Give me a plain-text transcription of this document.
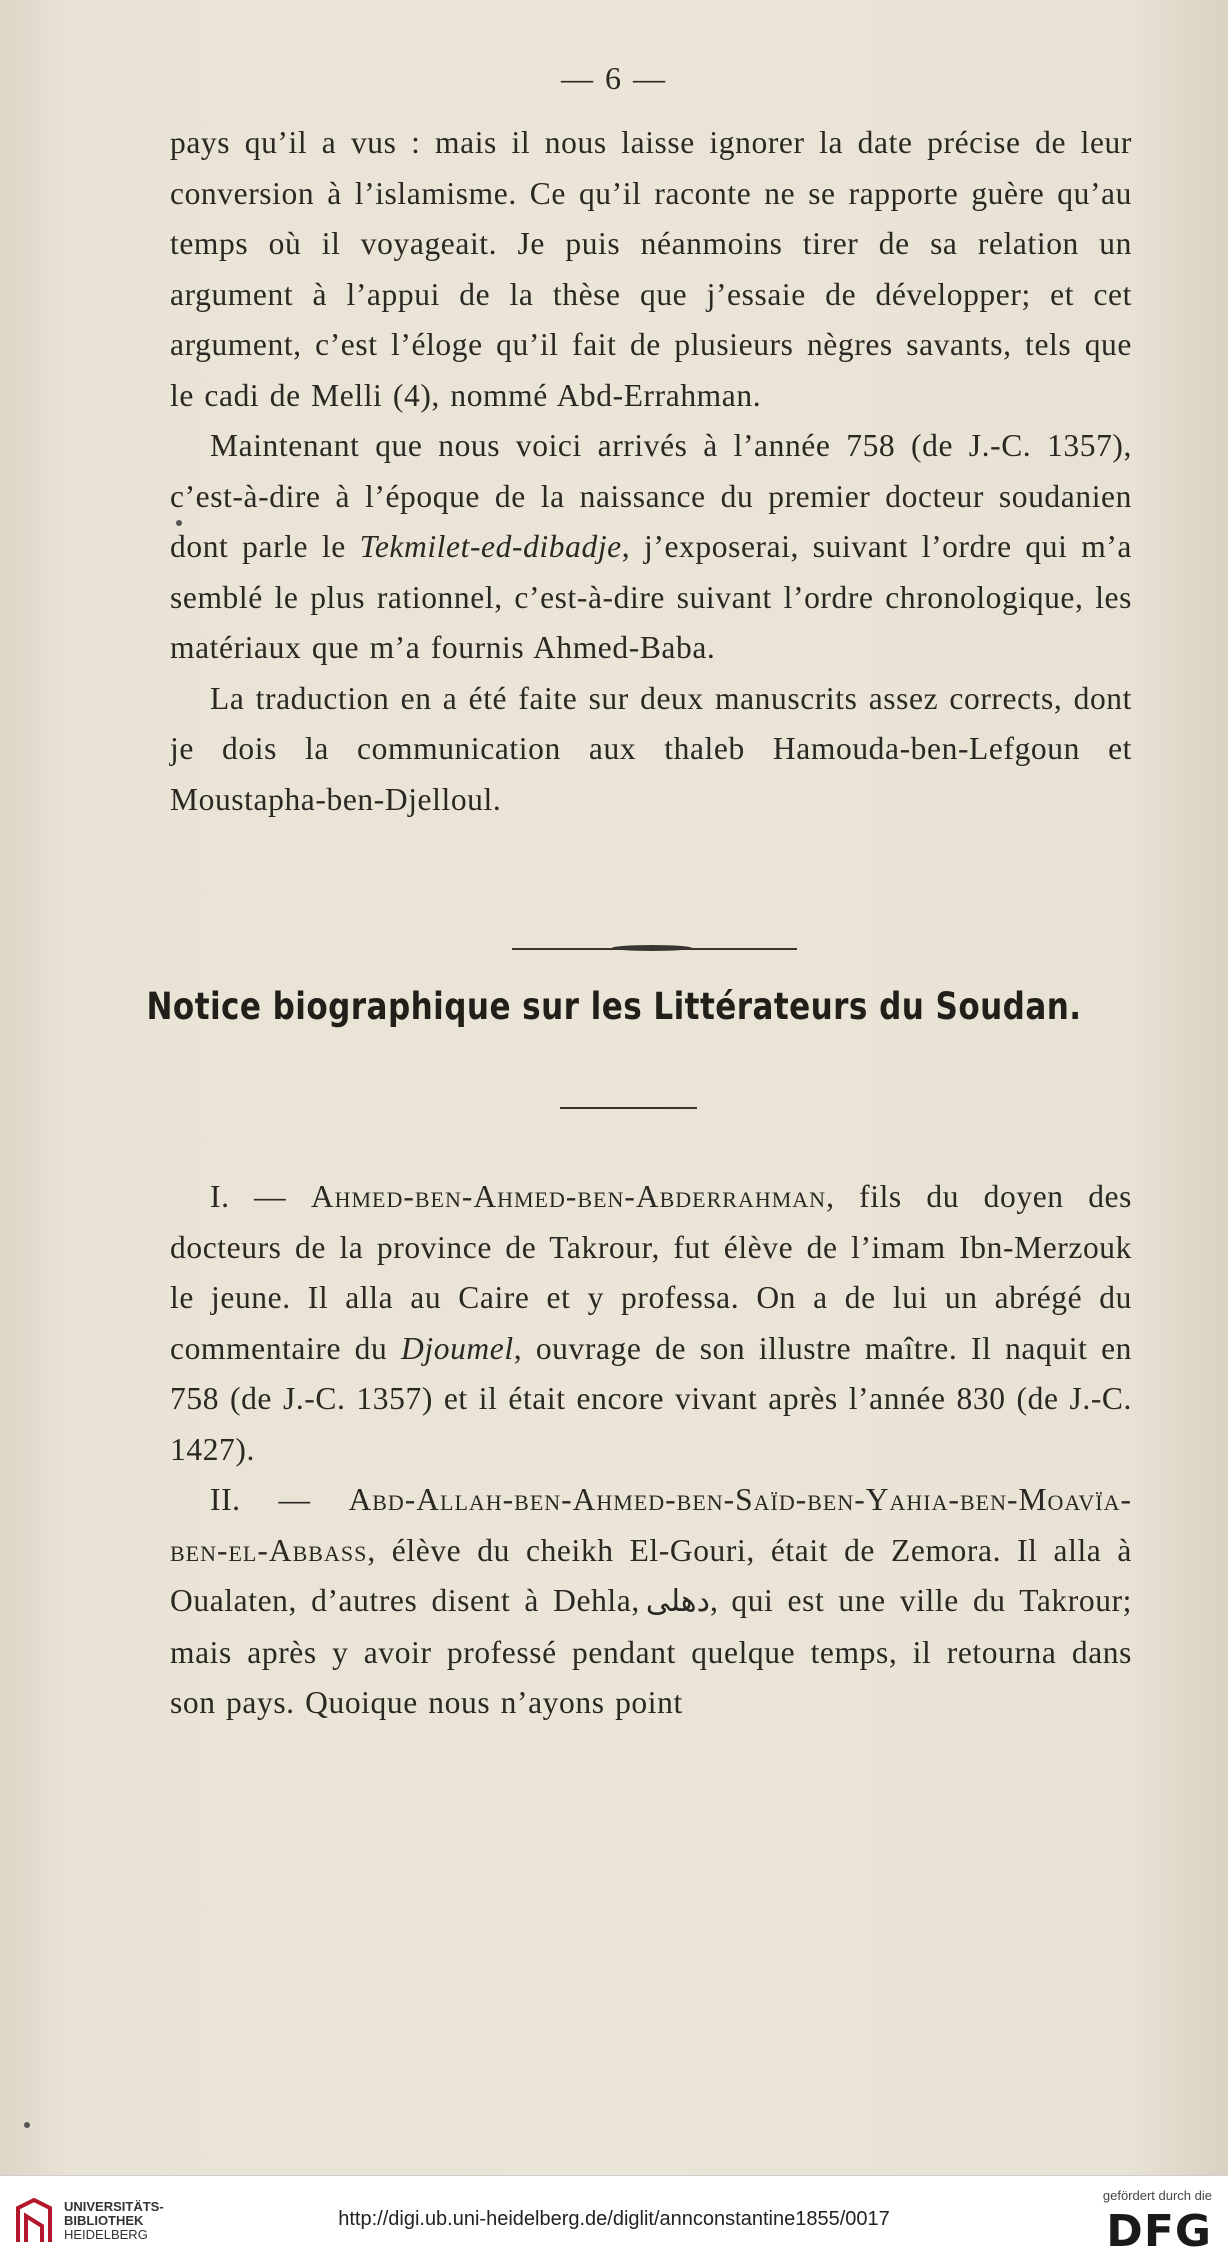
— 6 —

pays qu’il a vus : mais il nous laisse ignorer la date précise de leur conversion à l’islamisme. Ce qu’il raconte ne se rapporte guère qu’au temps où il voyageait. Je puis néanmoins tirer de sa relation un argument à l’appui de la thèse que j’essaie de développer; et cet argument, c’est l’éloge qu’il fait de plusieurs nègres savants, tels que le cadi de Melli (4), nommé Abd-Errahman.

Maintenant que nous voici arrivés à l’année 758 (de J.-C. 1357), c’est-à-dire à l’époque de la naissance du premier docteur soudanien dont parle le Tekmilet-ed-dibadje, j’exposerai, suivant l’ordre qui m’a semblé le plus rationnel, c’est-à-dire suivant l’ordre chronologique, les matériaux que m’a fournis Ahmed-Baba.

La traduction en a été faite sur deux manuscrits assez corrects, dont je dois la communication aux thaleb Hamouda-ben-Lefgoun et Moustapha-ben-Djelloul.

Notice biographique sur les Littérateurs du Soudan.

I. — Ahmed-ben-Ahmed-ben-Abderrahman, fils du doyen des docteurs de la province de Takrour, fut élève de l’imam Ibn-Merzouk le jeune. Il alla au Caire et y professa. On a de lui un abrégé du commentaire du Djoumel, ouvrage de son illustre maître. Il naquit en 758 (de J.-C. 1357) et il était encore vivant après l’année 830 (de J.-C. 1427).

II. — Abd-Allah-ben-Ahmed-ben-Saïd-ben-Yahia-ben-Moavïa-ben-el-Abbass, élève du cheikh El-Gouri, était de Zemora. Il alla à Oualaten, d’autres disent à Dehla, دهلى, qui est une ville du Takrour; mais après y avoir professé pendant quelque temps, il retourna dans son pays. Quoique nous n’ayons point

UNIVERSITÄTS-
BIBLIOTHEK
HEIDELBERG
http://digi.ub.uni-heidelberg.de/diglit/annconstantine1855/0017
gefördert durch die
DFG
